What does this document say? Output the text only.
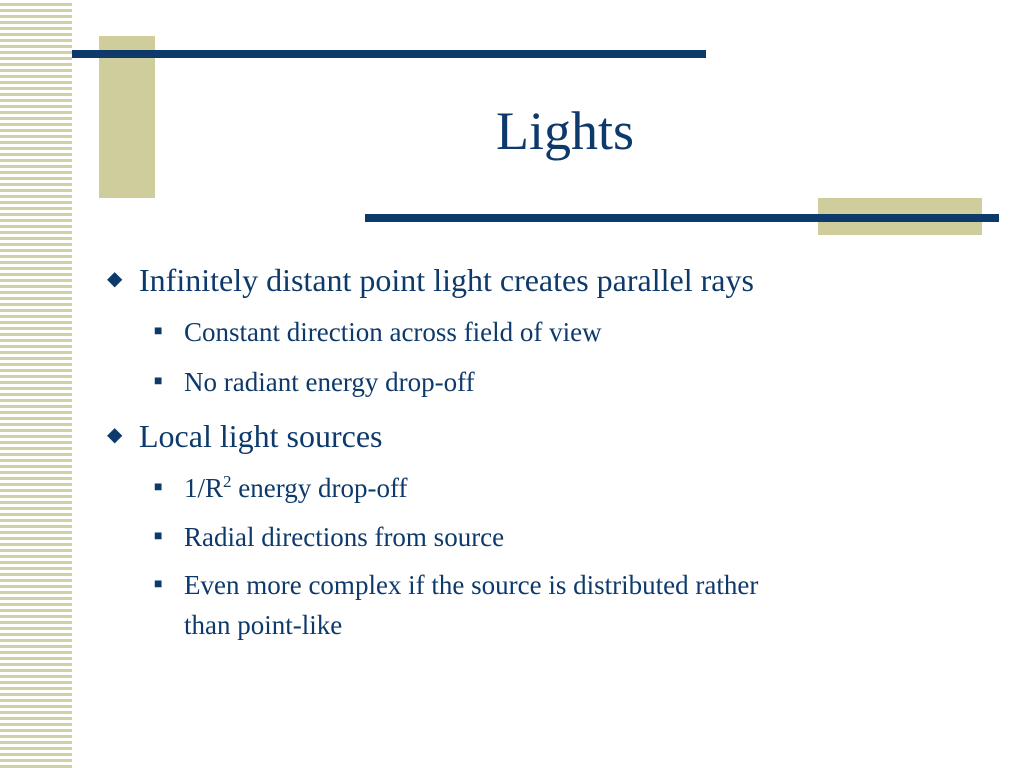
Lights
◆ Infinitely distant point light creates parallel rays
■ Constant direction across field of view
■ No radiant energy drop-off
◆ Local light sources
■ $1/R^2$ energy drop-off
■ Radial directions from source
■ Even more complex if the source is distributed rather
than point-like
